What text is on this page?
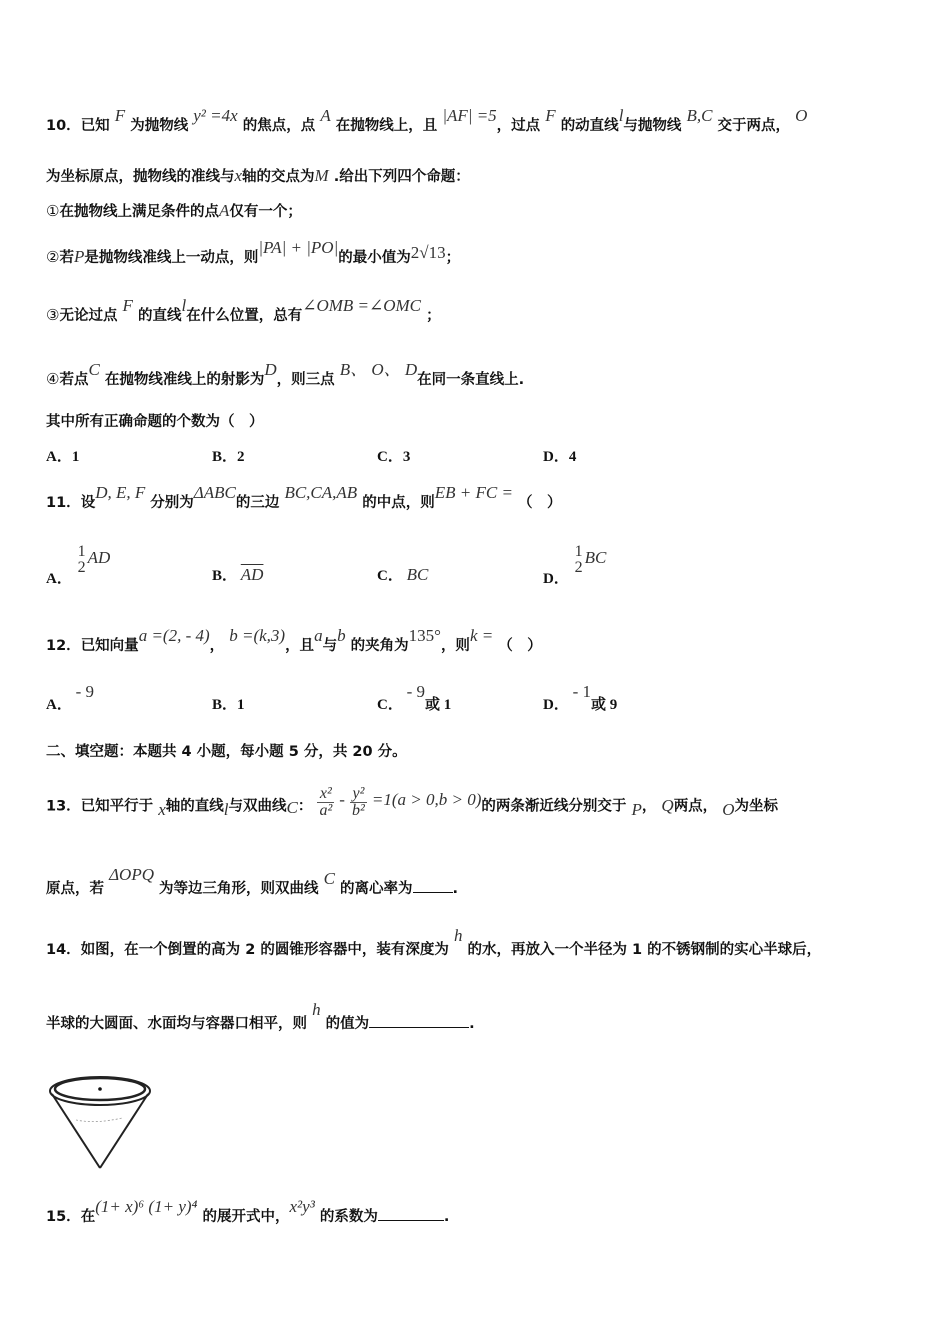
10．已知 F 为抛物线 y² =4x 的焦点，点 A 在抛物线上，且 |AF| =5，过点 F 的动直线l与抛物线 B,C 交于两点， O
为坐标原点，抛物线的准线与x轴的交点为M .给出下列四个命题：
①在抛物线上满足条件的点A仅有一个；
②若P是抛物线准线上一动点，则|PA| + |PO|的最小值为2√13；
③无论过点 F 的直线l在什么位置，总有∠OMB =∠OMC ；
④若点C 在抛物线准线上的射影为D，则三点 B、 O、 D在同一条直线上.
其中所有正确命题的个数为（　）
A．1	B．2	C．3	D．4
11．设D, E, F 分别为ΔABC的三边 BC,CA,AB 的中点，则EB + FC = （　）
A．
1
2
AD
B． $\overline{AD}$	C． BC	D．
1
2
BC
12．已知向量a =(2, - 4)， b =(k,3)，且a与b 的夹角为135°，则k = （　）
A． - 9
B．1	C． - 9或 1	D． - 1或 9
二、填空题：本题共 4 小题，每小题 5 分，共 20 分。
13．已知平行于 x轴的直线l与双曲线C： $\frac{\text{x²}}{\text{a²}} - \frac{\text{y²}}{\text{b²}} =1(a > 0,b > 0)$的两条渐近线分别交于 P， Q两点， O为坐标
原点，若 ΔOPQ 为等边三角形，则双曲线 C 的离心率为	.
14．如图，在一个倒置的高为 2 的圆锥形容器中，装有深度为 h 的水，再放入一个半径为 1 的不锈钢制的实心半球后，
半球的大圆面、水面均与容器口相平，则 h 的值为	.
15．在(1+ x)⁶ (1+ y)⁴ 的展开式中，x²y³ 的系数为	.
